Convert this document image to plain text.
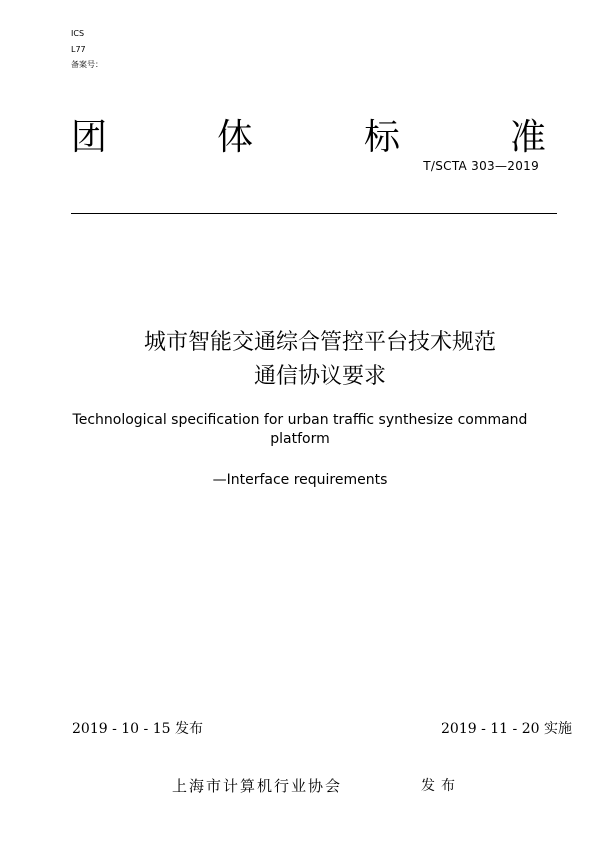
ICS
L77
备案号：
团	体	标	准
T/SCTA 303—2019
城市智能交通综合管控平台技术规范
通信协议要求
Technological specification for urban traffic synthesize command
platform
—Interface requirements
2019 - 10 - 15 发布	2019 - 11 - 20 实施
上海市计算机行业协会	发布
